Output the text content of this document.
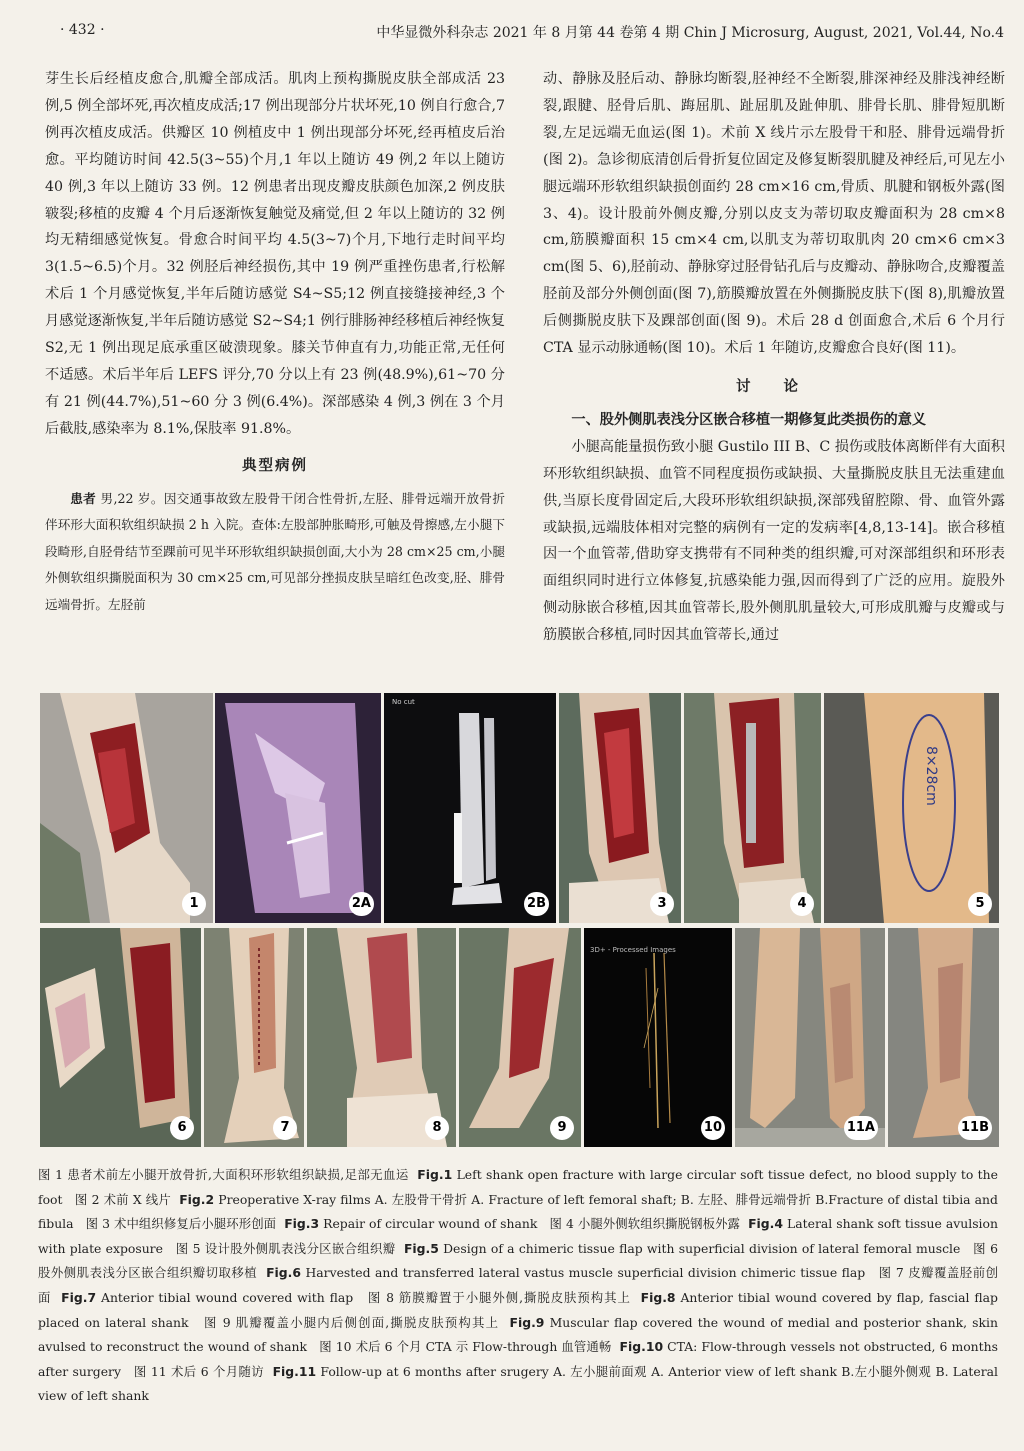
· 432 ·	中华显微外科杂志 2021 年 8 月第 44 卷第 4 期 Chin J Microsurg, August, 2021, Vol.44, No.4

芽生长后经植皮愈合,肌瓣全部成活。肌肉上预构撕脱皮肤全部成活 23 例,5 例全部坏死,再次植皮成活;17 例出现部分片状坏死,10 例自行愈合,7 例再次植皮成活。供瓣区 10 例植皮中 1 例出现部分坏死,经再植皮后治愈。平均随访时间 42.5(3~55)个月,1 年以上随访 49 例,2 年以上随访 40 例,3 年以上随访 33 例。12 例患者出现皮瓣皮肤颜色加深,2 例皮肤皲裂;移植的皮瓣 4 个月后逐渐恢复触觉及痛觉,但 2 年以上随访的 32 例均无精细感觉恢复。骨愈合时间平均 4.5(3~7)个月,下地行走时间平均 3(1.5~6.5)个月。32 例胫后神经损伤,其中 19 例严重挫伤患者,行松解术后 1 个月感觉恢复,半年后随访感觉 S4~S5;12 例直接缝接神经,3 个月感觉逐渐恢复,半年后随访感觉 S2~S4;1 例行腓肠神经移植后神经恢复 S2,无 1 例出现足底承重区破溃现象。膝关节伸直有力,功能正常,无任何不适感。术后半年后 LEFS 评分,70 分以上有 23 例(48.9%),61~70 分有 21 例(44.7%),51~60 分 3 例(6.4%)。深部感染 4 例,3 例在 3 个月后截肢,感染率为 8.1%,保肢率 91.8%。

典型病例

患者 男,22 岁。因交通事故致左股骨干闭合性骨折,左胫、腓骨远端开放骨折伴环形大面积软组织缺损 2 h 入院。查体:左股部肿胀畸形,可触及骨擦感,左小腿下段畸形,自胫骨结节至踝前可见半环形软组织缺损创面,大小为 28 cm×25 cm,小腿外侧软组织撕脱面积为 30 cm×25 cm,可见部分挫损皮肤呈暗红色改变,胫、腓骨远端骨折。左胫前

动、静脉及胫后动、静脉均断裂,胫神经不全断裂,腓深神经及腓浅神经断裂,跟腱、胫骨后肌、踇屈肌、趾屈肌及趾伸肌、腓骨长肌、腓骨短肌断裂,左足远端无血运(图 1)。术前 X 线片示左股骨干和胫、腓骨远端骨折(图 2)。急诊彻底清创后骨折复位固定及修复断裂肌腱及神经后,可见左小腿远端环形软组织缺损创面约 28 cm×16 cm,骨质、肌腱和钢板外露(图 3、4)。设计股前外侧皮瓣,分别以皮支为蒂切取皮瓣面积为 28 cm×8 cm,筋膜瓣面积 15 cm×4 cm,以肌支为蒂切取肌肉 20 cm×6 cm×3 cm(图 5、6),胫前动、静脉穿过胫骨钻孔后与皮瓣动、静脉吻合,皮瓣覆盖胫前及部分外侧创面(图 7),筋膜瓣放置在外侧撕脱皮肤下(图 8),肌瓣放置后侧撕脱皮肤下及踝部创面(图 9)。术后 28 d 创面愈合,术后 6 个月行 CTA 显示动脉通畅(图 10)。术后 1 年随访,皮瓣愈合良好(图 11)。

讨 论

一、股外侧肌表浅分区嵌合移植一期修复此类损伤的意义

小腿高能量损伤致小腿 Gustilo III B、C 损伤或肢体离断伴有大面积环形软组织缺损、血管不同程度损伤或缺损、大量撕脱皮肤且无法重建血供,当原长度骨固定后,大段环形软组织缺损,深部残留腔隙、骨、血管外露或缺损,远端肢体相对完整的病例有一定的发病率[4,8,13-14]。嵌合移植因一个血管蒂,借助穿支携带有不同种类的组织瓣,可对深部组织和环形表面组织同时进行立体修复,抗感染能力强,因而得到了广泛的应用。旋股外侧动脉嵌合移植,因其血管蒂长,股外侧肌肌量较大,可形成肌瓣与皮瓣或与筋膜嵌合移植,同时因其血管蒂长,通过

1	2A
No cut
2B	3	4
8×28cm
5
6	7	8	9
3D+ - Processed Images
10	11A	11B
图 1 患者术前左小腿开放骨折,大面积环形软组织缺损,足部无血运 Fig.1 Left shank open fracture with large circular soft tissue defect, no blood supply to the foot 图 2 术前 X 线片 Fig.2 Preoperative X-ray films A. 左股骨干骨折 A. Fracture of left femoral shaft; B. 左胫、腓骨远端骨折 B.Fracture of distal tibia and fibula 图 3 术中组织修复后小腿环形创面 Fig.3 Repair of circular wound of shank 图 4 小腿外侧软组织撕脱钢板外露 Fig.4 Lateral shank soft tissue avulsion with plate exposure 图 5 设计股外侧肌表浅分区嵌合组织瓣 Fig.5 Design of a chimeric tissue flap with superficial division of lateral femoral muscle 图 6 股外侧肌表浅分区嵌合组织瓣切取移植 Fig.6 Harvested and transferred lateral vastus muscle superficial division chimeric tissue flap 图 7 皮瓣覆盖胫前创面 Fig.7 Anterior tibial wound covered with flap 图 8 筋膜瓣置于小腿外侧,撕脱皮肤预构其上 Fig.8 Anterior tibial wound covered by flap, fascial flap placed on lateral shank 图 9 肌瓣覆盖小腿内后侧创面,撕脱皮肤预构其上 Fig.9 Muscular flap covered the wound of medial and posterior shank, skin avulsed to reconstruct the wound of shank 图 10 术后 6 个月 CTA 示 Flow-through 血管通畅 Fig.10 CTA: Flow-through vessels not obstructed, 6 months after surgery 图 11 术后 6 个月随访 Fig.11 Follow-up at 6 months after srugery A. 左小腿前面观 A. Anterior view of left shank B.左小腿外侧观 B. Lateral view of left shank
